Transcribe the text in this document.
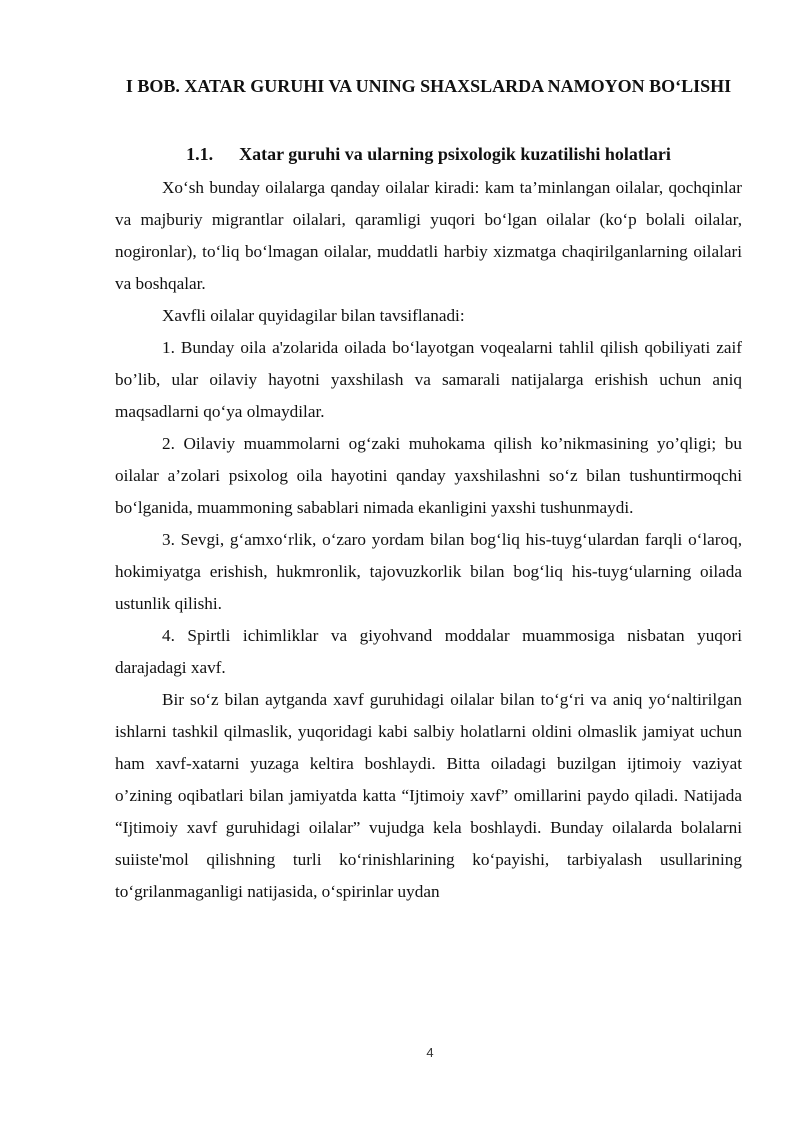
I BOB. XATAR GURUHI VA UNING SHAXSLARDA NAMOYON BO‘LISHI
1.1. Xatar guruhi va ularning psixologik kuzatilishi holatlari

Xo‘sh bunday oilalarga qanday oilalar kiradi: kam ta’minlangan oilalar, qochqinlar va majburiy migrantlar oilalari, qaramligi yuqori bo‘lgan oilalar (ko‘p bolali oilalar, nogironlar), to‘liq bo‘lmagan oilalar, muddatli harbiy xizmatga chaqirilganlarning oilalari va boshqalar.

Xavfli oilalar quyidagilar bilan tavsiflanadi:

1. Bunday oila a'zolarida oilada bo‘layotgan voqealarni tahlil qilish qobiliyati zaif bo’lib, ular oilaviy hayotni yaxshilash va samarali natijalarga erishish uchun aniq maqsadlarni qo‘ya olmaydilar.

2. Oilaviy muammolarni og‘zaki muhokama qilish ko’nikmasining yo’qligi; bu oilalar a’zolari psixolog oila hayotini qanday yaxshilashni so‘z bilan tushuntirmoqchi bo‘lganida, muammoning sabablari nimada ekanligini yaxshi tushunmaydi.

3. Sevgi, g‘amxo‘rlik, o‘zaro yordam bilan bog‘liq his-tuyg‘ulardan farqli o‘laroq, hokimiyatga erishish, hukmronlik, tajovuzkorlik bilan bog‘liq his-tuyg‘ularning oilada ustunlik qilishi.

4. Spirtli ichimliklar va giyohvand moddalar muammosiga nisbatan yuqori darajadagi xavf.

Bir so‘z bilan aytganda xavf guruhidagi oilalar bilan to‘g‘ri va aniq yo‘naltirilgan ishlarni tashkil qilmaslik, yuqoridagi kabi salbiy holatlarni oldini olmaslik jamiyat uchun ham xavf-xatarni yuzaga keltira boshlaydi. Bitta oiladagi buzilgan ijtimoiy vaziyat o’zining oqibatlari bilan jamiyatda katta “Ijtimoiy xavf” omillarini paydo qiladi. Natijada “Ijtimoiy xavf guruhidagi oilalar” vujudga kela boshlaydi. Bunday oilalarda bolalarni suiiste'mol qilishning turli ko‘rinishlarining ko‘payishi, tarbiyalash usullarining to‘grilanmaganligi natijasida, o‘spirinlar uydan

4
